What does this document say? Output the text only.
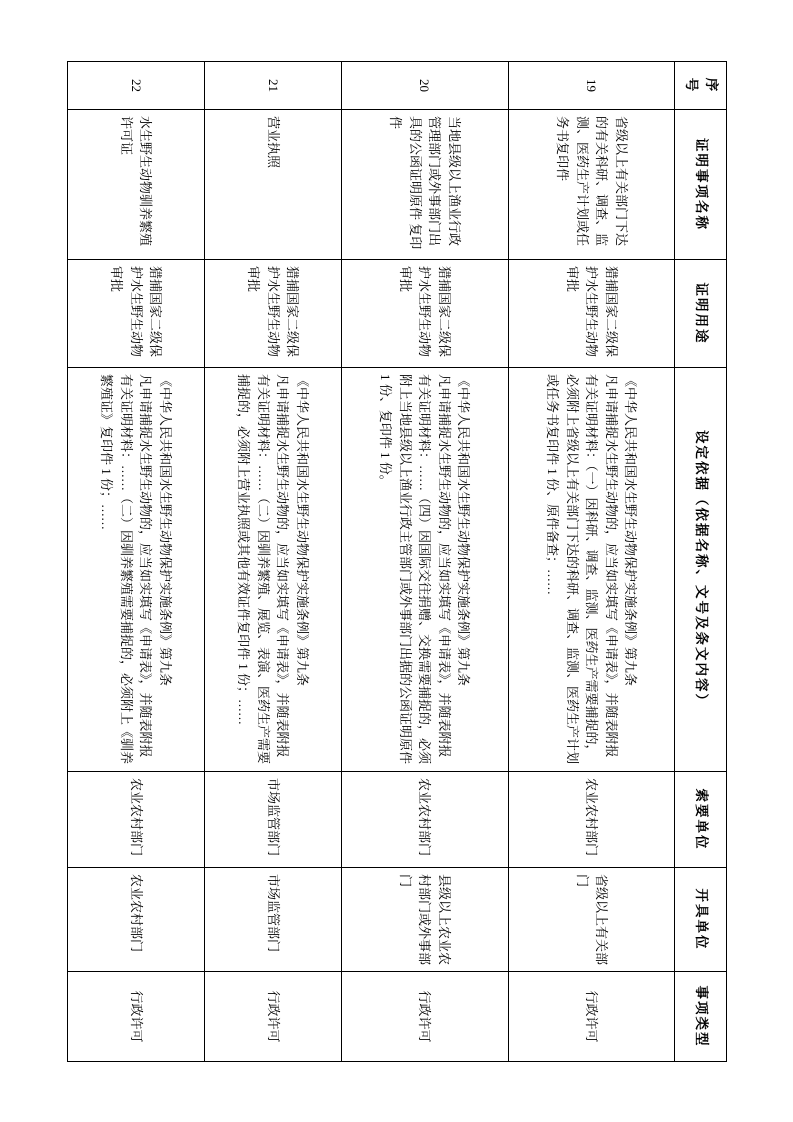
序 号	证明事项名称	证明用途	设定依据（依据名称、文号及条文内容）	索要单位	开具单位	事项类型
19	省级以上有关部门下达的有关科研、调查、监测、医药生产计划或任务书复印件	猎捕国家二级保护水生野生动物审批	《中华人民共和国水生野生动物保护实施条例》第九条

凡申请捕捉水生野生动物的，应当如实填写《申请表》，并随表附报有关证明材料：（一）因科研、调查、监测、医药生产需要捕捉的，必须附上省级以上有关部门下达的科研、调查、监测、医药生产计划或任务书复印件 1 份、原件备查；……	农业农村部门	省级以上有关部门	行政许可
20	当地县级以上渔业行政管理部门或外事部门出具的公函证明原件 复印件	猎捕国家二级保护水生野生动物审批	《中华人民共和国水生野生动物保护实施条例》第九条

凡申请捕捉水生野生动物的，应当如实填写《申请表》，并随表附报有关证明材料：……（四）因国际交往捐赠、交换需要捕捉的，必须附上当地县级以上渔业行政主管部门或外事部门出据的公函证明原件 1 份、复印件 1 份。	农业农村部门	县级以上农业农村部门或外事部门	行政许可
21	营业执照	猎捕国家二级保护水生野生动物审批	《中华人民共和国水生野生动物保护实施条例》第九条

凡申请捕捉水生野生动物的，应当如实填写《申请表》，并随表附报有关证明材料：……（二）因驯养繁殖、展览、表演、医药生产需要捕捉的，必须附上营业执照或其他有效证件复印件 1 份；……	市场监管部门	市场监管部门	行政许可
22	水生野生动物驯养繁殖许可证	猎捕国家二级保护水生野生动物审批	《中华人民共和国水生野生动物保护实施条例》第九条

凡申请捕捉水生野生动物的，应当如实填写《申请表》，并随表附报有关证明材料：……（二）因驯养繁殖需要捕捉的，必须附上《驯养繁殖证》复印件 1 份；……	农业农村部门	农业农村部门	行政许可
